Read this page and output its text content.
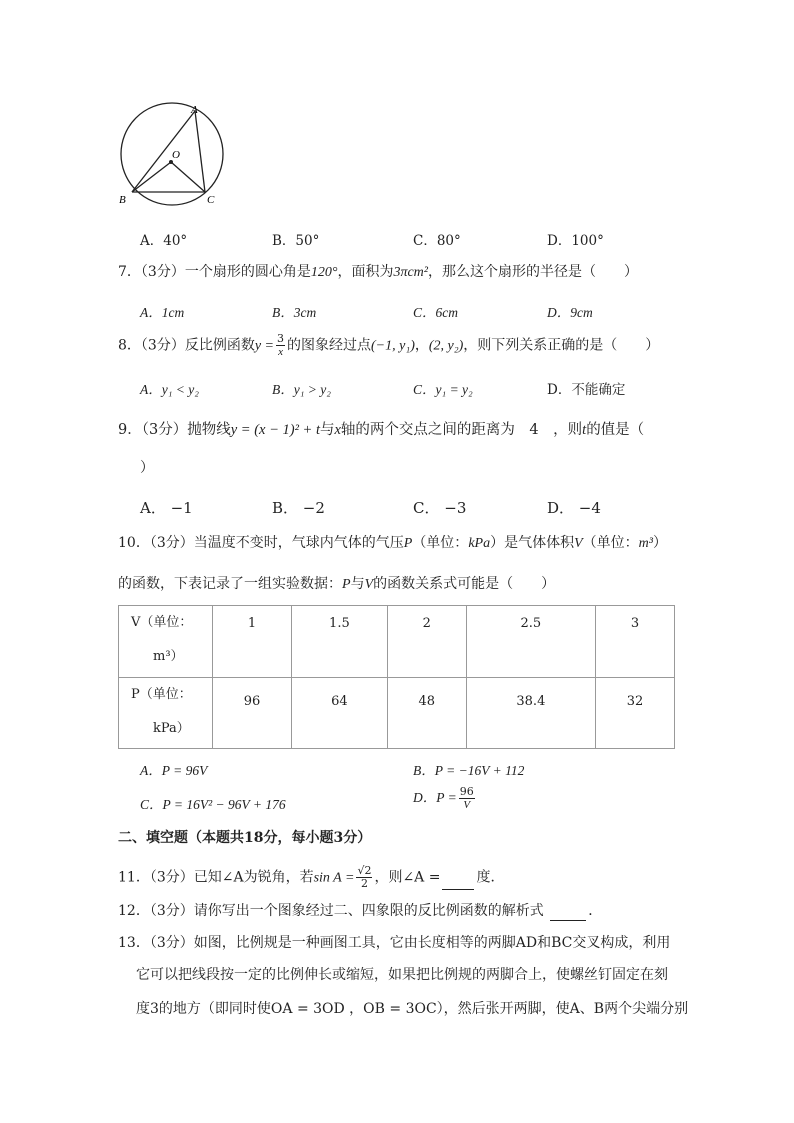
A
O
B	C
A．40°	B．50°	C．80°	D．100°
7．（3分）一个扇形的圆心角是120°，面积为3πcm²，那么这个扇形的半径是（　　）
A．1cm	B．3cm	C．6cm	D．9cm
8．（3分）反比例函数$y = \frac{3}{x}$ 的图象经过点(−1, y₁)，(2, y₂)，则下列关系正确的是（　　）
A．y₁ < y₂	B．y₁ > y₂	C．y₁ = y₂	D．不能确定
9．（3分）抛物线y = (x − 1)² + t与x轴的两个交点之间的距离为　4　，则t的值是（
）
A． −1	B． −2	C． −3	D． −4
10．（3分）当温度不变时，气球内气体的气压P（单位：kPa）是气体体积V（单位：m³）
的函数，下表记录了一组实验数据：P与V的函数关系式可能是（　　）
V（单位：
m³）	1	1.5	2	2.5	3

P（单位：
kPa）	96	64	48	38.4	32
A．P = 96V	B．P = −16V + 112
C．P = 16V² − 96V + 176	D．$P = \frac{96}{V}$
二、填空题（本题共18分，每小题3分）
11．（3分）已知∠A为锐角，若$\sin A = \frac{√2}{2}$ ，则∠A =	度．
12．（3分）请你写出一个图象经过二、四象限的反比例函数的解析式	．
13．（3分）如图，比例规是一种画图工具，它由长度相等的两脚AD和BC交叉构成，利用
它可以把线段按一定的比例伸长或缩短，如果把比例规的两脚合上，使螺丝钉固定在刻
度3的地方（即同时使OA = 3OD ，OB = 3OC），然后张开两脚，使A、B两个尖端分别
